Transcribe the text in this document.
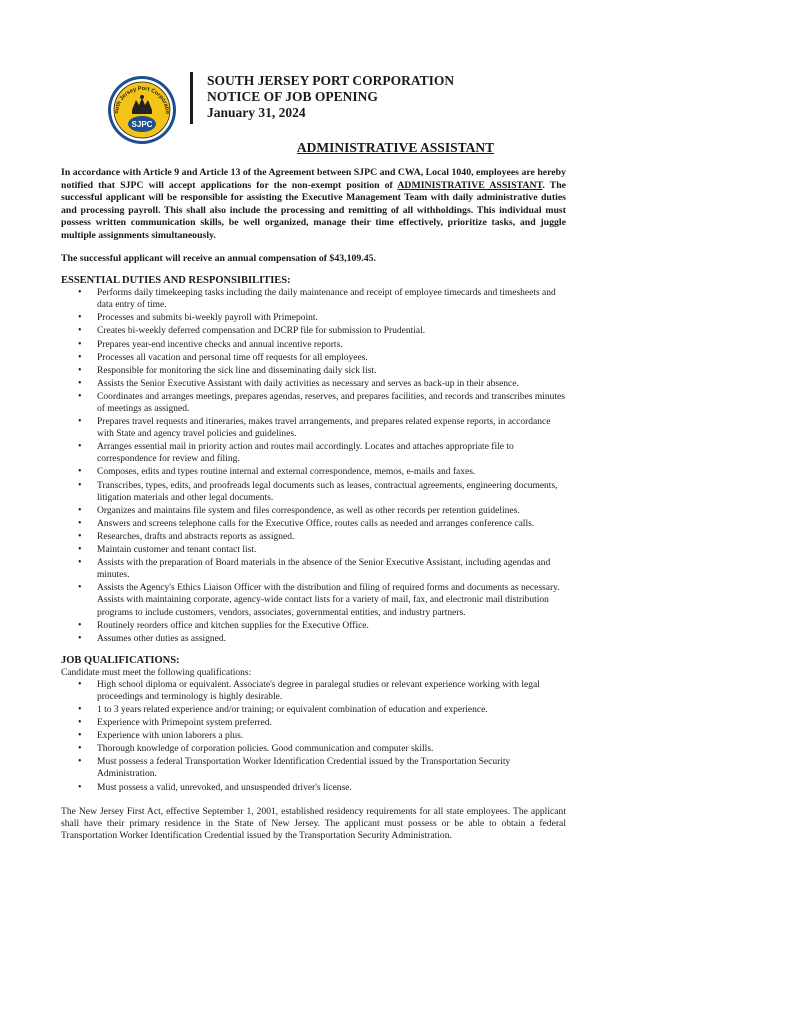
outh Jersey Port Corporatio
SJPC
SOUTH JERSEY PORT CORPORATION
NOTICE OF JOB OPENING
January 31, 2024
ADMINISTRATIVE ASSISTANT

In accordance with Article 9 and Article 13 of the Agreement between SJPC and CWA, Local 1040, employees are hereby notified that SJPC will accept applications for the non-exempt position of ADMINISTRATIVE ASSISTANT. The successful applicant will be responsible for assisting the Executive Management Team with daily administrative duties and processing payroll. This shall also include the processing and remitting of all withholdings. This individual must possess written communication skills, be well organized, manage their time effectively, prioritize tasks, and juggle multiple assignments simultaneously.

The successful applicant will receive an annual compensation of $43,109.45.

ESSENTIAL DUTIES AND RESPONSIBILITIES:
• Performs daily timekeeping tasks including the daily maintenance and receipt of employee timecards and timesheets and data entry of time.
• Processes and submits bi-weekly payroll with Primepoint.
• Creates bi-weekly deferred compensation and DCRP file for submission to Prudential.
• Prepares year-end incentive checks and annual incentive reports.
• Processes all vacation and personal time off requests for all employees.
• Responsible for monitoring the sick line and disseminating daily sick list.
• Assists the Senior Executive Assistant with daily activities as necessary and serves as back-up in their absence.
• Coordinates and arranges meetings, prepares agendas, reserves, and prepares facilities, and records and transcribes minutes of meetings as assigned.
• Prepares travel requests and itineraries, makes travel arrangements, and prepares related expense reports, in accordance with State and agency travel policies and guidelines.
• Arranges essential mail in priority action and routes mail accordingly. Locates and attaches appropriate file to correspondence for review and filing.
• Composes, edits and types routine internal and external correspondence, memos, e-mails and faxes.
• Transcribes, types, edits, and proofreads legal documents such as leases, contractual agreements, engineering documents, litigation materials and other legal documents.
• Organizes and maintains file system and files correspondence, as well as other records per retention guidelines.
• Answers and screens telephone calls for the Executive Office, routes calls as needed and arranges conference calls.
• Researches, drafts and abstracts reports as assigned.
• Maintain customer and tenant contact list.
• Assists with the preparation of Board materials in the absence of the Senior Executive Assistant, including agendas and minutes.
• Assists the Agency's Ethics Liaison Officer with the distribution and filing of required forms and documents as necessary. Assists with maintaining corporate, agency-wide contact lists for a variety of mail, fax, and electronic mail distribution programs to include customers, vendors, associates, governmental entities, and industry partners.
• Routinely reorders office and kitchen supplies for the Executive Office.
• Assumes other duties as assigned.
JOB QUALIFICATIONS:

Candidate must meet the following qualifications:

• High school diploma or equivalent. Associate's degree in paralegal studies or relevant experience working with legal proceedings and terminology is highly desirable.
• 1 to 3 years related experience and/or training; or equivalent combination of education and experience.
• Experience with Primepoint system preferred.
• Experience with union laborers a plus.
• Thorough knowledge of corporation policies. Good communication and computer skills.
• Must possess a federal Transportation Worker Identification Credential issued by the Transportation Security Administration.
• Must possess a valid, unrevoked, and unsuspended driver's license.

The New Jersey First Act, effective September 1, 2001, established residency requirements for all state employees. The applicant shall have their primary residence in the State of New Jersey. The applicant must possess or be able to obtain a federal Transportation Worker Identification Credential issued by the Transportation Security Administration.
